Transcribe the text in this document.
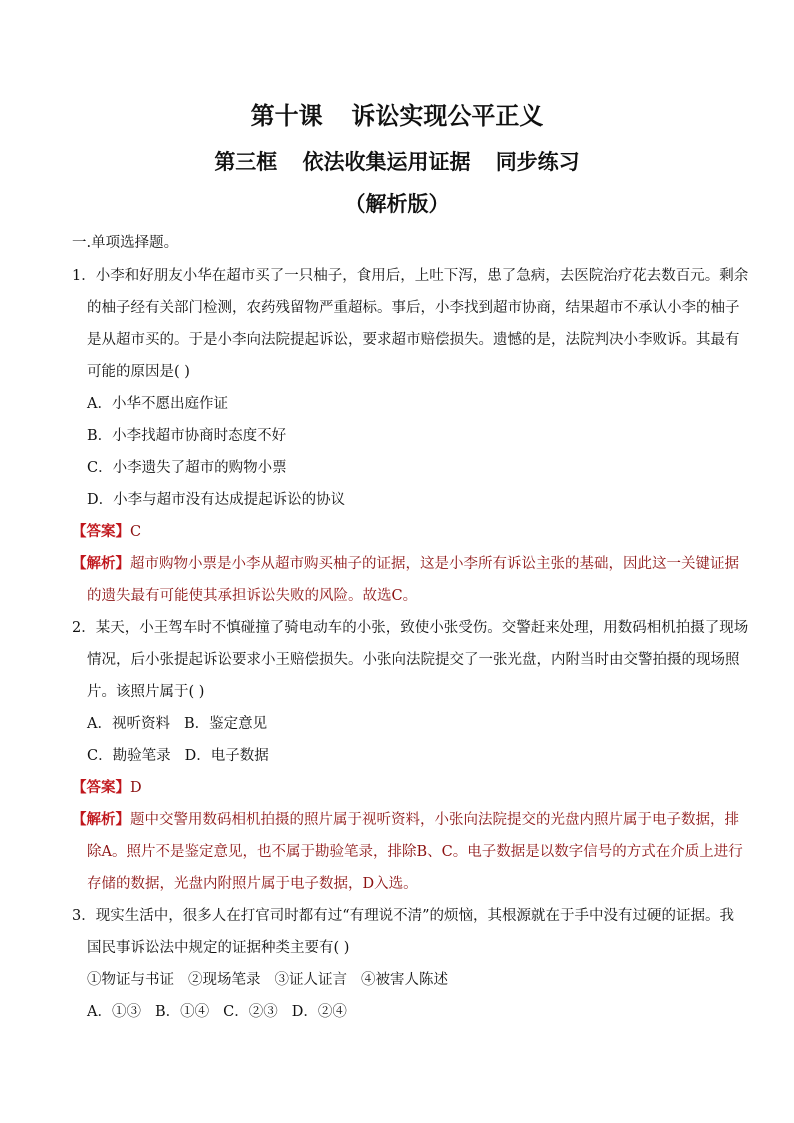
第十课 诉讼实现公平正义
第三框 依法收集运用证据 同步练习
（解析版）
一.单项选择题。
1．小李和好朋友小华在超市买了一只柚子，食用后，上吐下泻，患了急病，去医院治疗花去数百元。剩余
的柚子经有关部门检测，农药残留物严重超标。事后，小李找到超市协商，结果超市不承认小李的柚子
是从超市买的。于是小李向法院提起诉讼，要求超市赔偿损失。遗憾的是，法院判决小李败诉。其最有
可能的原因是( )
A．小华不愿出庭作证
B．小李找超市协商时态度不好
C．小李遗失了超市的购物小票
D．小李与超市没有达成提起诉讼的协议
【答案】C
【解析】超市购物小票是小李从超市购买柚子的证据，这是小李所有诉讼主张的基础，因此这一关键证据
的遗失最有可能使其承担诉讼失败的风险。故选C。
2．某天，小王驾车时不慎碰撞了骑电动车的小张，致使小张受伤。交警赶来处理，用数码相机拍摄了现场
情况，后小张提起诉讼要求小王赔偿损失。小张向法院提交了一张光盘，内附当时由交警拍摄的现场照
片。该照片属于( )
A．视听资料 B．鉴定意见
C．勘验笔录 D．电子数据
【答案】D
【解析】题中交警用数码相机拍摄的照片属于视听资料，小张向法院提交的光盘内照片属于电子数据，排
除A。照片不是鉴定意见，也不属于勘验笔录，排除B、C。电子数据是以数字信号的方式在介质上进行
存储的数据，光盘内附照片属于电子数据，D入选。
3．现实生活中，很多人在打官司时都有过“有理说不清”的烦恼，其根源就在于手中没有过硬的证据。我
国民事诉讼法中规定的证据种类主要有( )
①物证与书证 ②现场笔录 ③证人证言 ④被害人陈述
A．①③ B．①④ C．②③ D．②④
